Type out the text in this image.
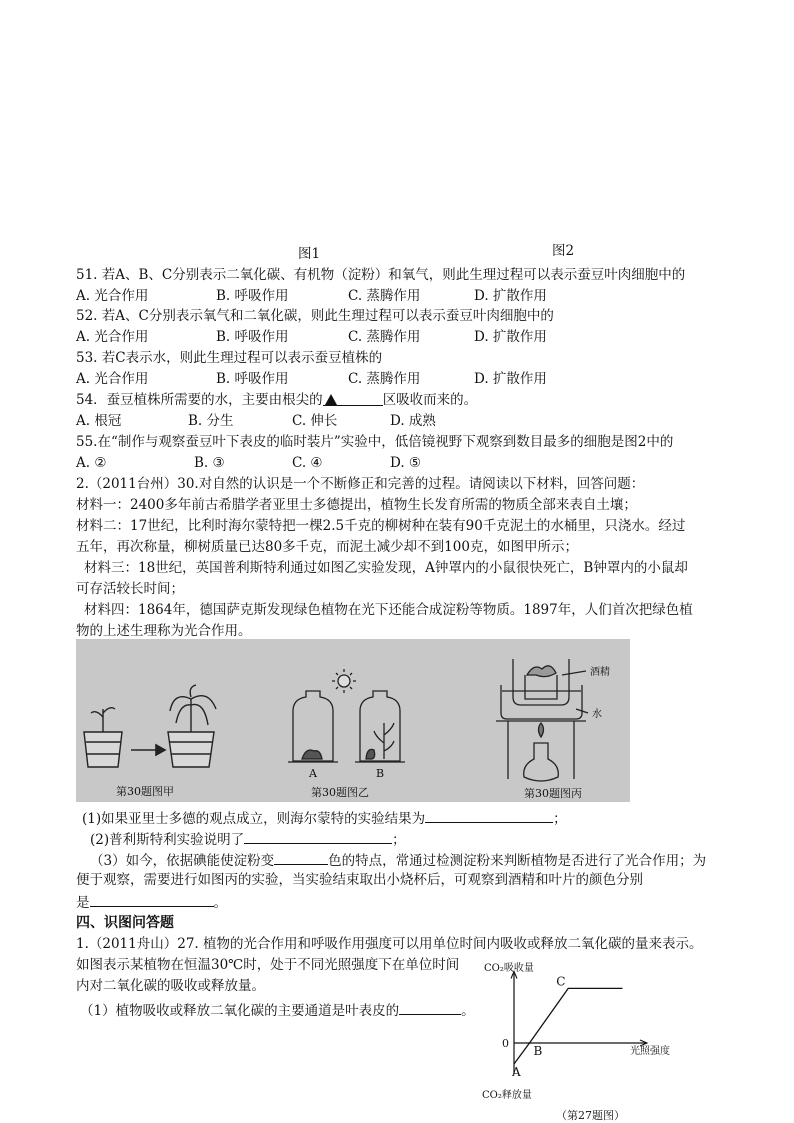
图1	图2
51. 若A、B、C分别表示二氧化碳、有机物（淀粉）和氧气，则此生理过程可以表示蚕豆叶肉细胞中的
A. 光合作用	B. 呼吸作用	C. 蒸腾作用	D. 扩散作用
52. 若A、C分别表示氧气和二氧化碳，则此生理过程可以表示蚕豆叶肉细胞中的
A. 光合作用	B. 呼吸作用	C. 蒸腾作用	D. 扩散作用
53. 若C表示水，则此生理过程可以表示蚕豆植株的
A. 光合作用	B. 呼吸作用	C. 蒸腾作用	D. 扩散作用
54．蚕豆植株所需要的水，主要由根尖的	区吸收而来的。
A. 根冠	B. 分生	C. 伸长	D. 成熟
55.在“制作与观察蚕豆叶下表皮的临时装片”实验中，低倍镜视野下观察到数目最多的细胞是图2中的
A. ②	B. ③	C. ④	D. ⑤
2.（2011台州）30.对自然的认识是一个不断修正和完善的过程。请阅读以下材料，回答问题：
材料一：2400多年前古希腊学者亚里士多德提出，植物生长发育所需的物质全部来表自土壤；
材料二：17世纪，比利时海尔蒙特把一棵2.5千克的柳树种在装有90千克泥土的水桶里，只浇水。经过
五年，再次称量，柳树质量已达80多千克，而泥土减少却不到100克，如图甲所示；
材料三：18世纪，英国普利斯特利通过如图乙实验发现，A钟罩内的小鼠很快死亡，B钟罩内的小鼠却
可存活较长时间；
材料四：1864年，德国萨克斯发现绿色植物在光下还能合成淀粉等物质。1897年，人们首次把绿色植
物的上述生理称为光合作用。
A	B
酒精
水
第30题图甲	第30题图乙	第30题图丙
(1)如果亚里士多德的观点成立，则海尔蒙特的实验结果为	；
(2)普利斯特利实验说明了	；
（3）如今，依据碘能使淀粉变	色的特点，常通过检测淀粉来判断植物是否进行了光合作用；为
便于观察，需要进行如图丙的实验，当实验结束取出小烧杯后，可观察到酒精和叶片的颜色分别
是	。
四、识图问答题
1.（2011舟山）27. 植物的光合作用和呼吸作用强度可以用单位时间内吸收或释放二氧化碳的量来表示。
如图表示某植物在恒温30℃时，处于不同光照强度下在单位时间
内对二氧化碳的吸收或释放量。
（1）植物吸收或释放二氧化碳的主要通道是叶表皮的	。
CO₂吸收量
CO₂释放量
光照强度
0
（第27题图）
A
B
C
